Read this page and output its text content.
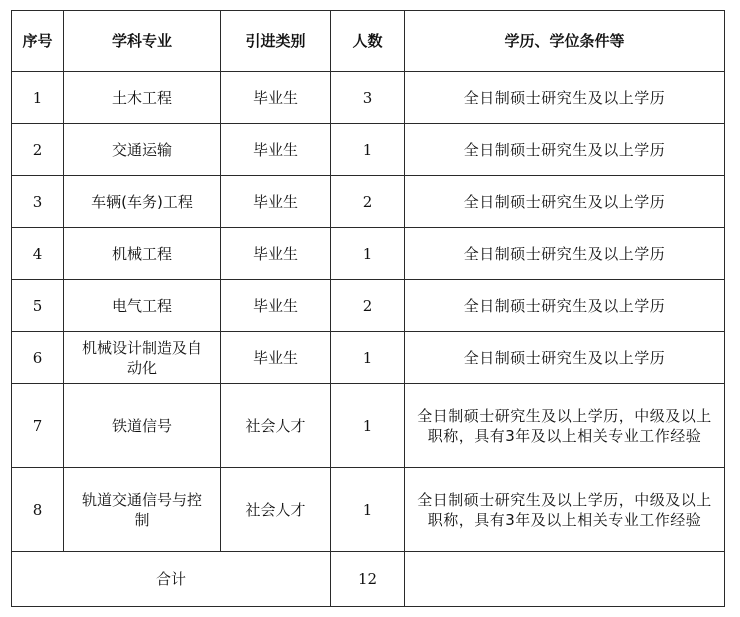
序号	学科专业	引进类别	人数	学历、学位条件等
1	土木工程	毕业生	3	全日制硕士研究生及以上学历
2	交通运输	毕业生	1	全日制硕士研究生及以上学历
3	车辆(车务)工程	毕业生	2	全日制硕士研究生及以上学历
4	机械工程	毕业生	1	全日制硕士研究生及以上学历
5	电气工程	毕业生	2	全日制硕士研究生及以上学历
6	机械设计制造及自动化	毕业生	1	全日制硕士研究生及以上学历
7	铁道信号	社会人才	1	全日制硕士研究生及以上学历，中级及以上职称，具有3年及以上相关专业工作经验
8	轨道交通信号与控制	社会人才	1	全日制硕士研究生及以上学历，中级及以上职称，具有3年及以上相关专业工作经验
合计			12	
